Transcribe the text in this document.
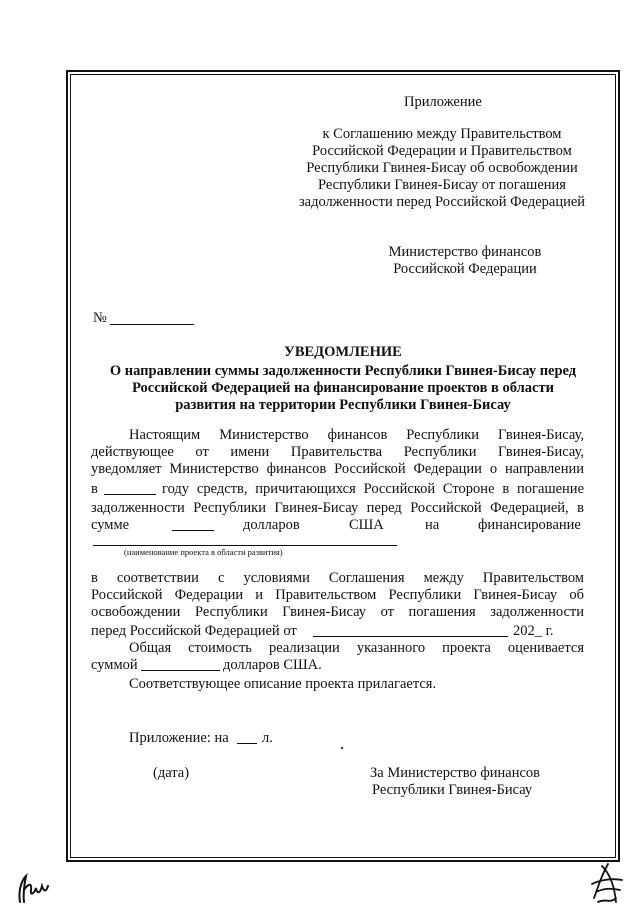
Приложение
к Соглашению между Правительством
Российской Федерации и Правительством
Республики Гвинея-Бисау об освобождении
Республики Гвинея-Бисау от погашения
задолженности перед Российской Федерацией
Министерство финансов
Российской Федерации
№
УВЕДОМЛЕНИЕ
О направлении суммы задолженности Республики Гвинея-Бисау перед
Российской Федерацией на финансирование проектов в области
развития на территории Республики Гвинея-Бисау
Настоящим Министерство финансов Республики Гвинея-Бисау,
действующее от имени Правительства Республики Гвинея-Бисау,
уведомляет Министерство финансов Российской Федерации о направлении
в	году средств, причитающихся Российской Стороне в погашение
задолженности Республики Гвинея-Бисау перед Российской Федерацией, в
сумме	долларов	США	на	финансирование
(наименование проекта в области развития)
в соответствии с условиями Соглашения между Правительством
Российской Федерации и Правительством Республики Гвинея-Бисау об
освобождении Республики Гвинея-Бисау от погашения задолженности
перед Российской Федерацией от	202_ г.
Общая стоимость реализации указанного проекта оценивается
суммой	долларов США.
Соответствующее описание проекта прилагается.
Приложение: на л.
(дата)	За Министерство финансов
Республики Гвинея-Бисау
